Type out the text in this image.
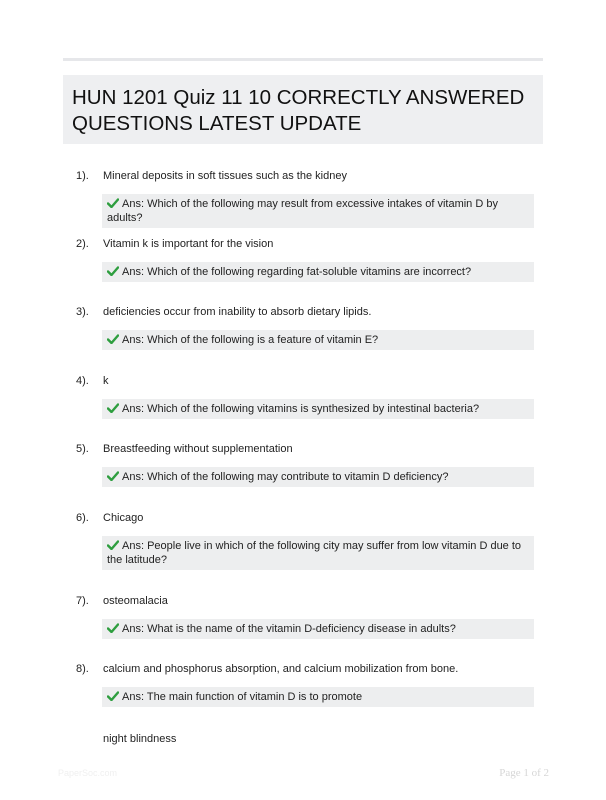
HUN 1201 Quiz 11 10 CORRECTLY ANSWERED QUESTIONS LATEST UPDATE
1). Mineral deposits in soft tissues such as the kidney
Ans: Which of the following may result from excessive intakes of vitamin D by adults?
2). Vitamin k is important for the vision
Ans: Which of the following regarding fat-soluble vitamins are incorrect?
3). deficiencies occur from inability to absorb dietary lipids.
Ans: Which of the following is a feature of vitamin E?
4). k
Ans: Which of the following vitamins is synthesized by intestinal bacteria?
5). Breastfeeding without supplementation
Ans: Which of the following may contribute to vitamin D deficiency?
6). Chicago
Ans: People live in which of the following city may suffer from low vitamin D due to the latitude?
7). osteomalacia
Ans: What is the name of the vitamin D-deficiency disease in adults?
8). calcium and phosphorus absorption, and calcium mobilization from bone.
Ans: The main function of vitamin D is to promote
night blindness
PaperSoc.com	Page 1 of 2
